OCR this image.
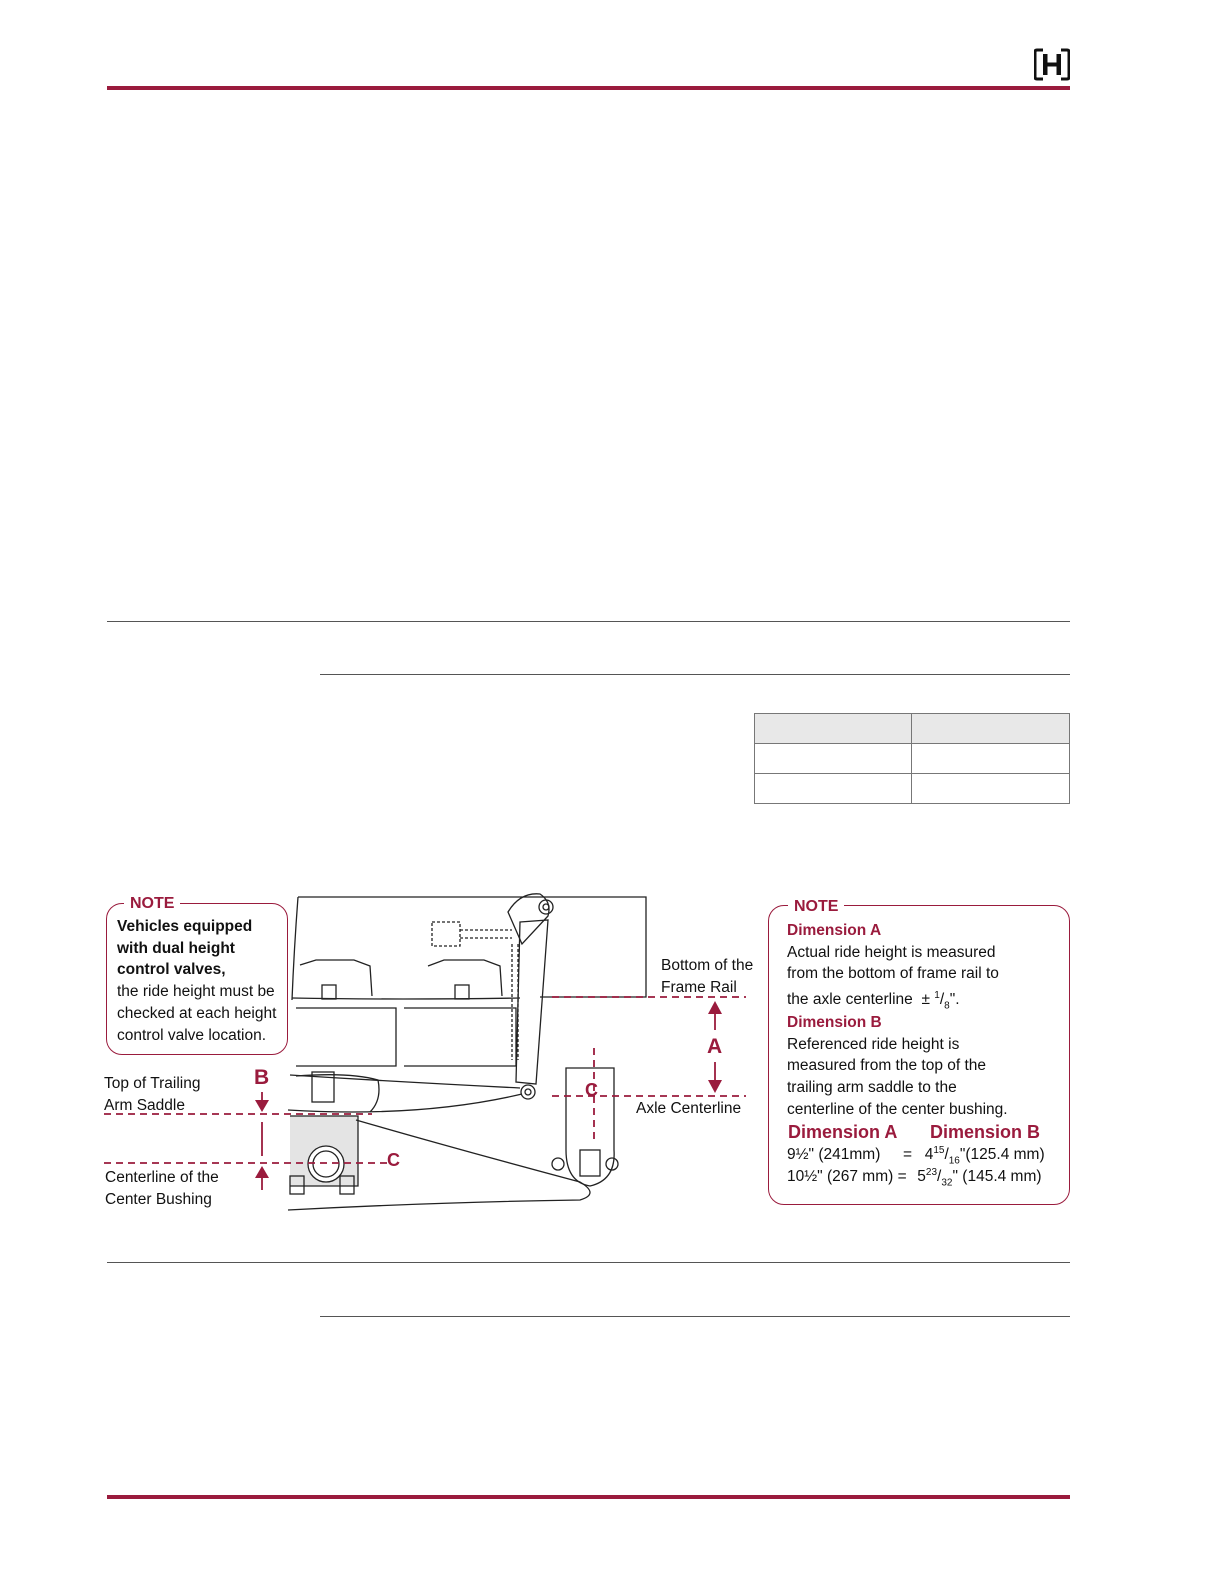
NOTE
Vehicles equipped
with dual height
control valves,
the ride height must be
checked at each height
control valve location.
Bottom of the
Frame Rail
Axle Centerline
Top of Trailing
Arm Saddle
Centerline of the
Center Bushing
A
B
C
C
NOTE
Dimension A
Actual ride height is measured
from the bottom of frame rail to
the axle centerline ± $^1/_8$".
Dimension B
Referenced ride height is
measured from the top of the
trailing arm saddle to the
centerline of the center bushing.
Dimension A Dimension B
9½" $(241mm) = 4^{15}/_{16}"(125.4$ mm)
10½" (267 $mm) = 5^{23}/_{32}$" (145.4 mm)
